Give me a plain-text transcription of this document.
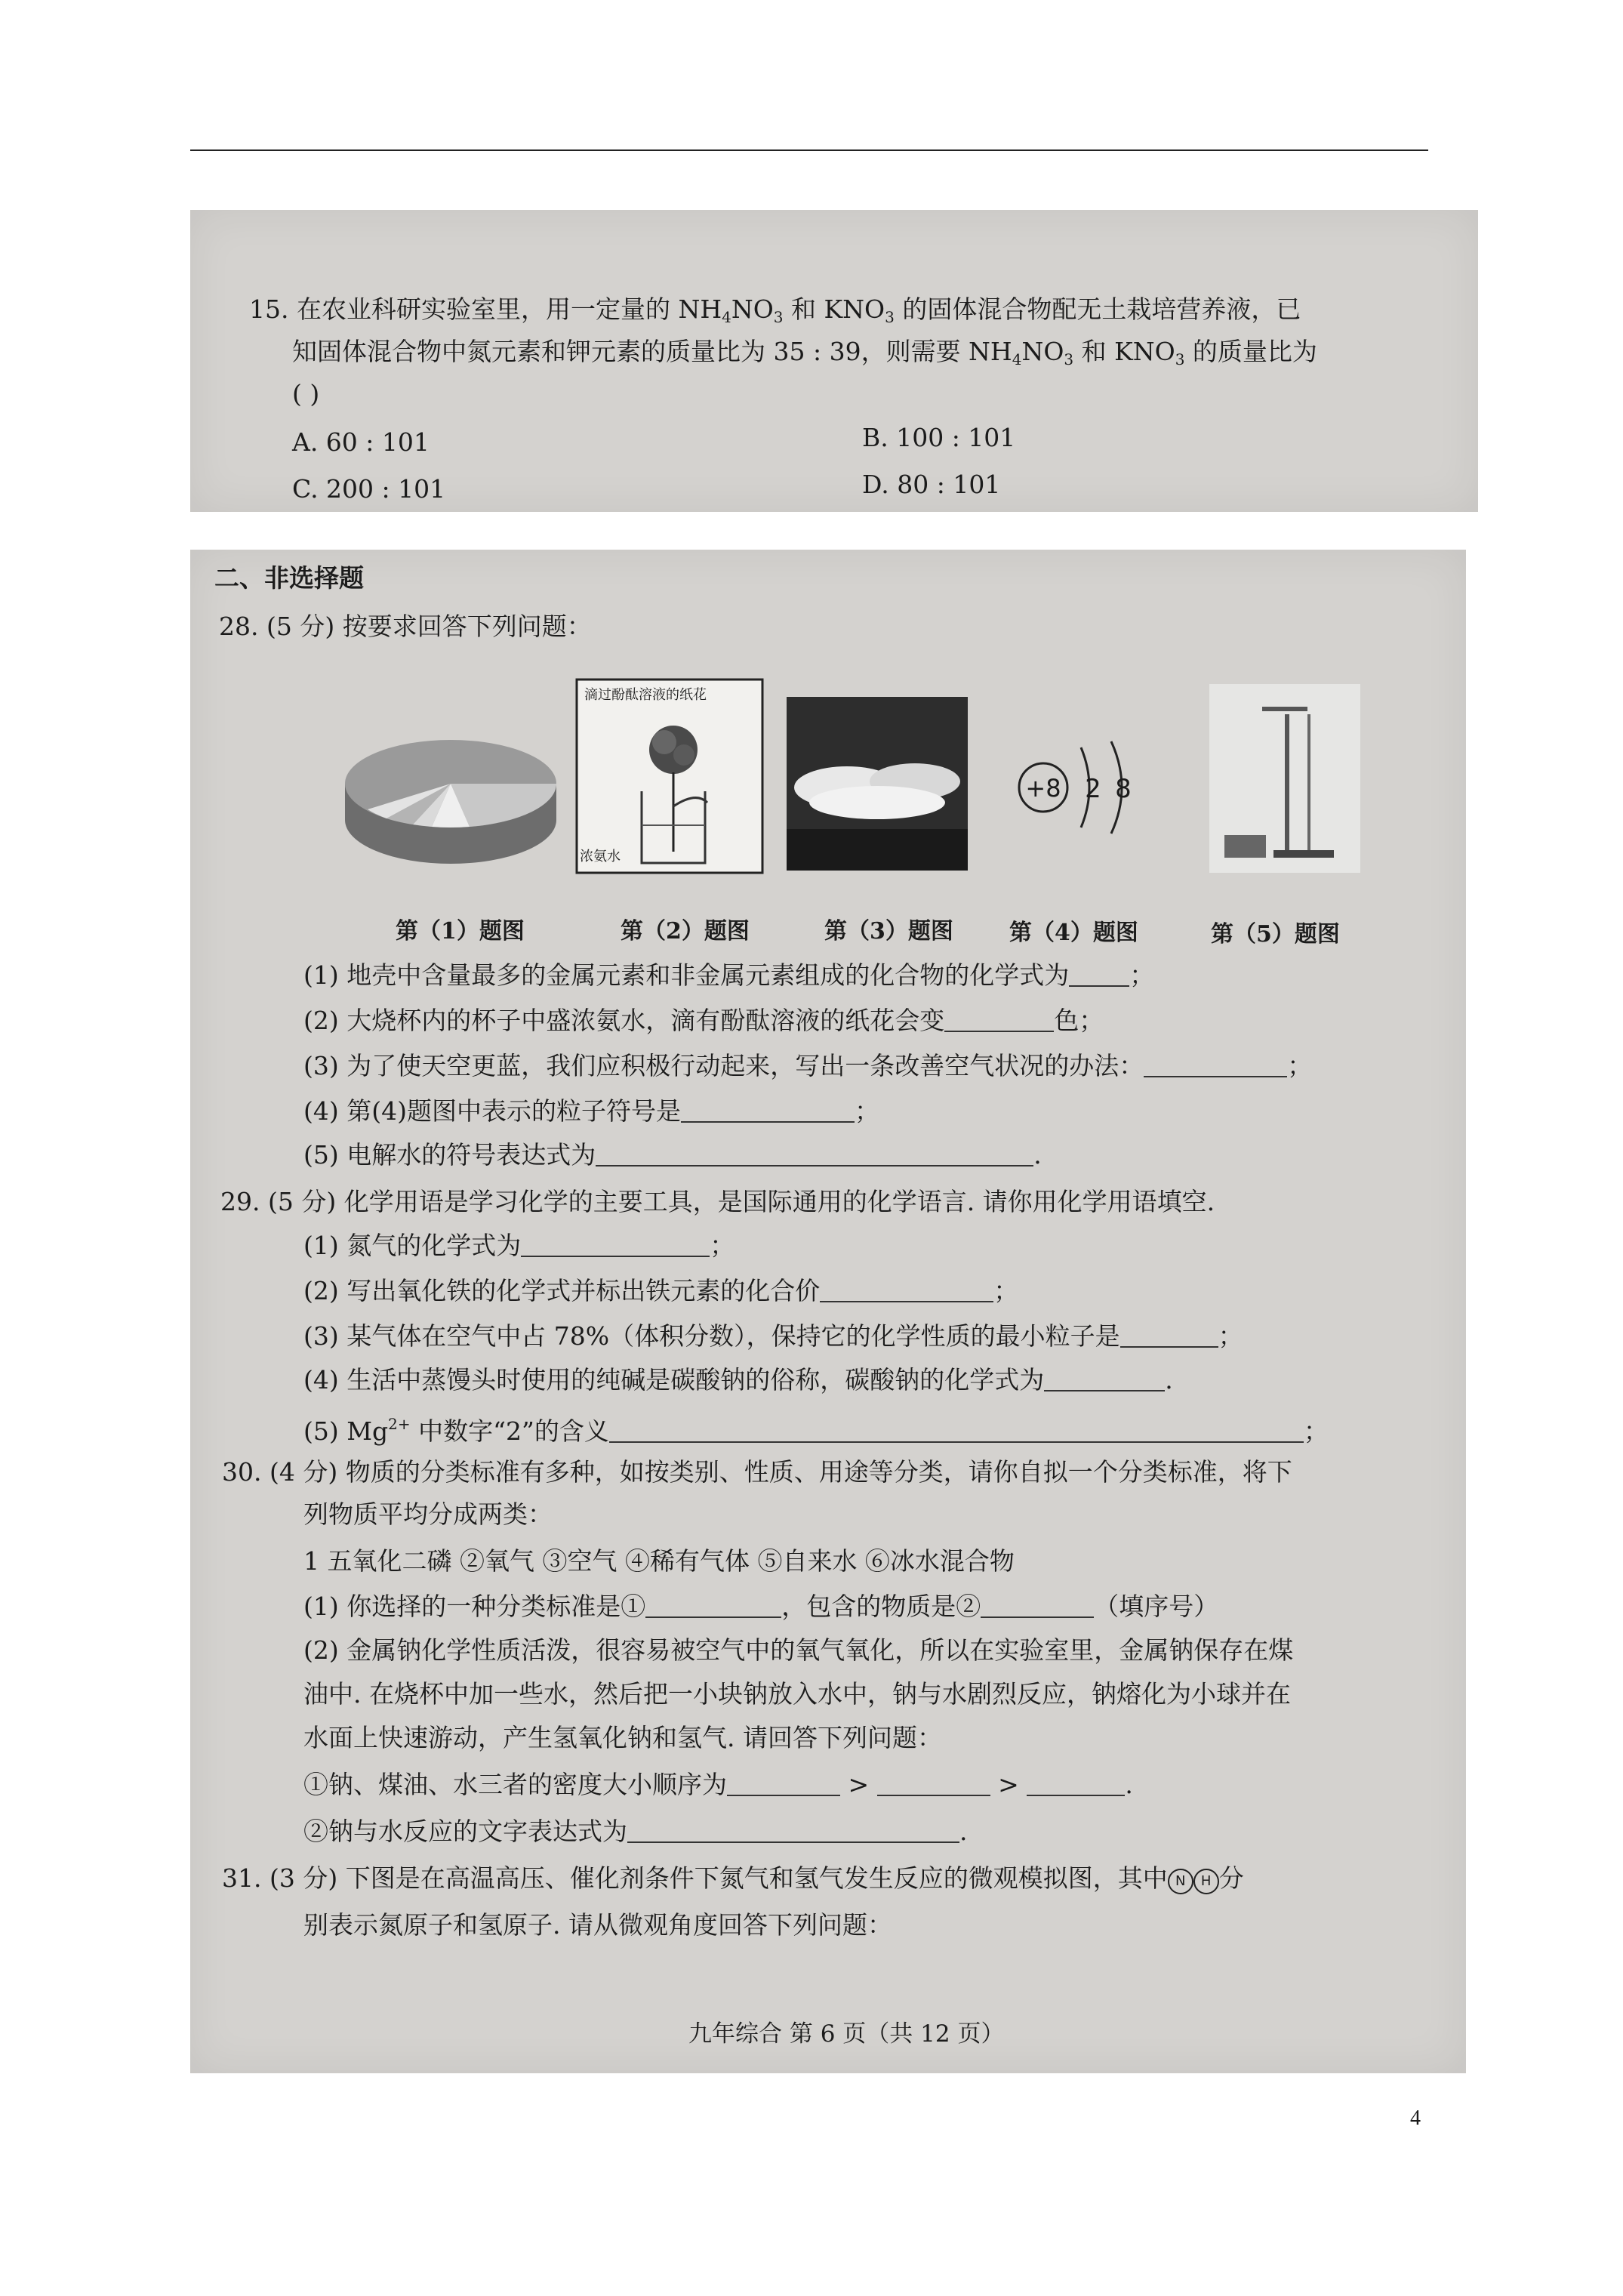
15. 在农业科研实验室里，用一定量的 $NH_4NO_3$ 和 $KNO_3$ 的固体混合物配无土栽培营养液，已
知固体混合物中氮元素和钾元素的质量比为 35 : 39，则需要 $NH_4NO_3$ 和 $KNO_3$ 的质量比为
( )
A. 60 : 101	B. 100 : 101
C. 200 : 101	D. 80 : 101
二、非选择题
28. (5 分) 按要求回答下列问题：
滴过酚酞溶液的纸花
浓氨水
+8 2 8
第（1）题图	第（2）题图	第（3）题图 第（4）题图	第（5）题图
(1) 地壳中含量最多的金属元素和非金属元素组成的化合物的化学式为 ；
(2) 大烧杯内的杯子中盛浓氨水，滴有酚酞溶液的纸花会变	色；
(3) 为了使天空更蓝，我们应积极行动起来，写出一条改善空气状况的办法：	；
(4) 第(4)题图中表示的粒子符号是	；
(5) 电解水的符号表达式为	.
29. (5 分) 化学用语是学习化学的主要工具，是国际通用的化学语言. 请你用化学用语填空.
(1) 氮气的化学式为	；
(2) 写出氧化铁的化学式并标出铁元素的化合价	；
(3) 某气体在空气中占 78%（体积分数），保持它的化学性质的最小粒子是	；
(4) 生活中蒸馒头时使用的纯碱是碳酸钠的俗称，碳酸钠的化学式为	.
(5) $Mg^{2+}$ 中数字“2”的含义	；
30. (4 分) 物质的分类标准有多种，如按类别、性质、用途等分类，请你自拟一个分类标准，将下
列物质平均分成两类：
1 五氧化二磷 ②氧气 ③空气 ④稀有气体 ⑤自来水 ⑥冰水混合物
(1) 你选择的一种分类标准是①	，包含的物质是②	（填序号）
(2) 金属钠化学性质活泼，很容易被空气中的氧气氧化，所以在实验室里，金属钠保存在煤
油中. 在烧杯中加一些水，然后把一小块钠放入水中，钠与水剧烈反应，钠熔化为小球并在
水面上快速游动，产生氢氧化钠和氢气. 请回答下列问题：
①钠、煤油、水三者的密度大小顺序为	>	>	.
②钠与水反应的文字表达式为	.
31. (3 分) 下图是在高温高压、催化剂条件下氮气和氢气发生反应的微观模拟图，其中 N H 分
别表示氮原子和氢原子. 请从微观角度回答下列问题：
九年综合 第 6 页（共 12 页）
4
